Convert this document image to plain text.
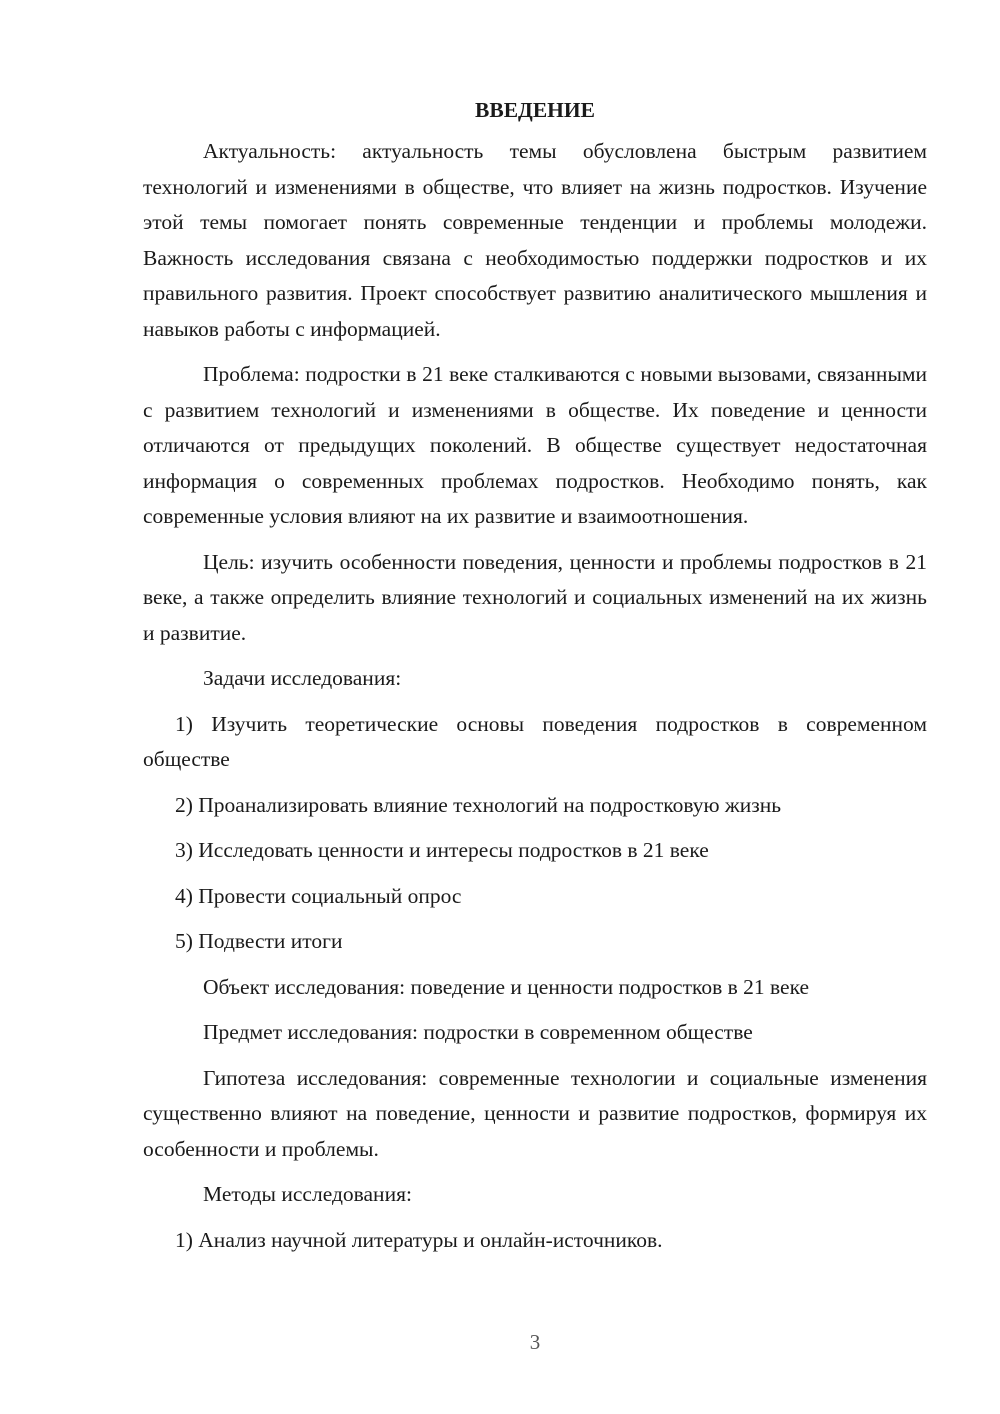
ВВЕДЕНИЕ

Актуальность: актуальность темы обусловлена быстрым развитием технологий и изменениями в обществе, что влияет на жизнь подростков. Изучение этой темы помогает понять современные тенденции и проблемы молодежи. Важность исследования связана с необходимостью поддержки подростков и их правильного развития. Проект способствует развитию аналитического мышления и навыков работы с информацией.

Проблема: подростки в 21 веке сталкиваются с новыми вызовами, связанными с развитием технологий и изменениями в обществе. Их поведение и ценности отличаются от предыдущих поколений. В обществе существует недостаточная информация о современных проблемах подростков. Необходимо понять, как современные условия влияют на их развитие и взаимоотношения.

Цель: изучить особенности поведения, ценности и проблемы подростков в 21 веке, а также определить влияние технологий и социальных изменений на их жизнь и развитие.

Задачи исследования:

1) Изучить теоретические основы поведения подростков в современном обществе

2) Проанализировать влияние технологий на подростковую жизнь

3) Исследовать ценности и интересы подростков в 21 веке

4) Провести социальный опрос

5) Подвести итоги

Объект исследования: поведение и ценности подростков в 21 веке

Предмет исследования: подростки в современном обществе

Гипотеза исследования: современные технологии и социальные изменения существенно влияют на поведение, ценности и развитие подростков, формируя их особенности и проблемы.

Методы исследования:

1) Анализ научной литературы и онлайн-источников.

3
